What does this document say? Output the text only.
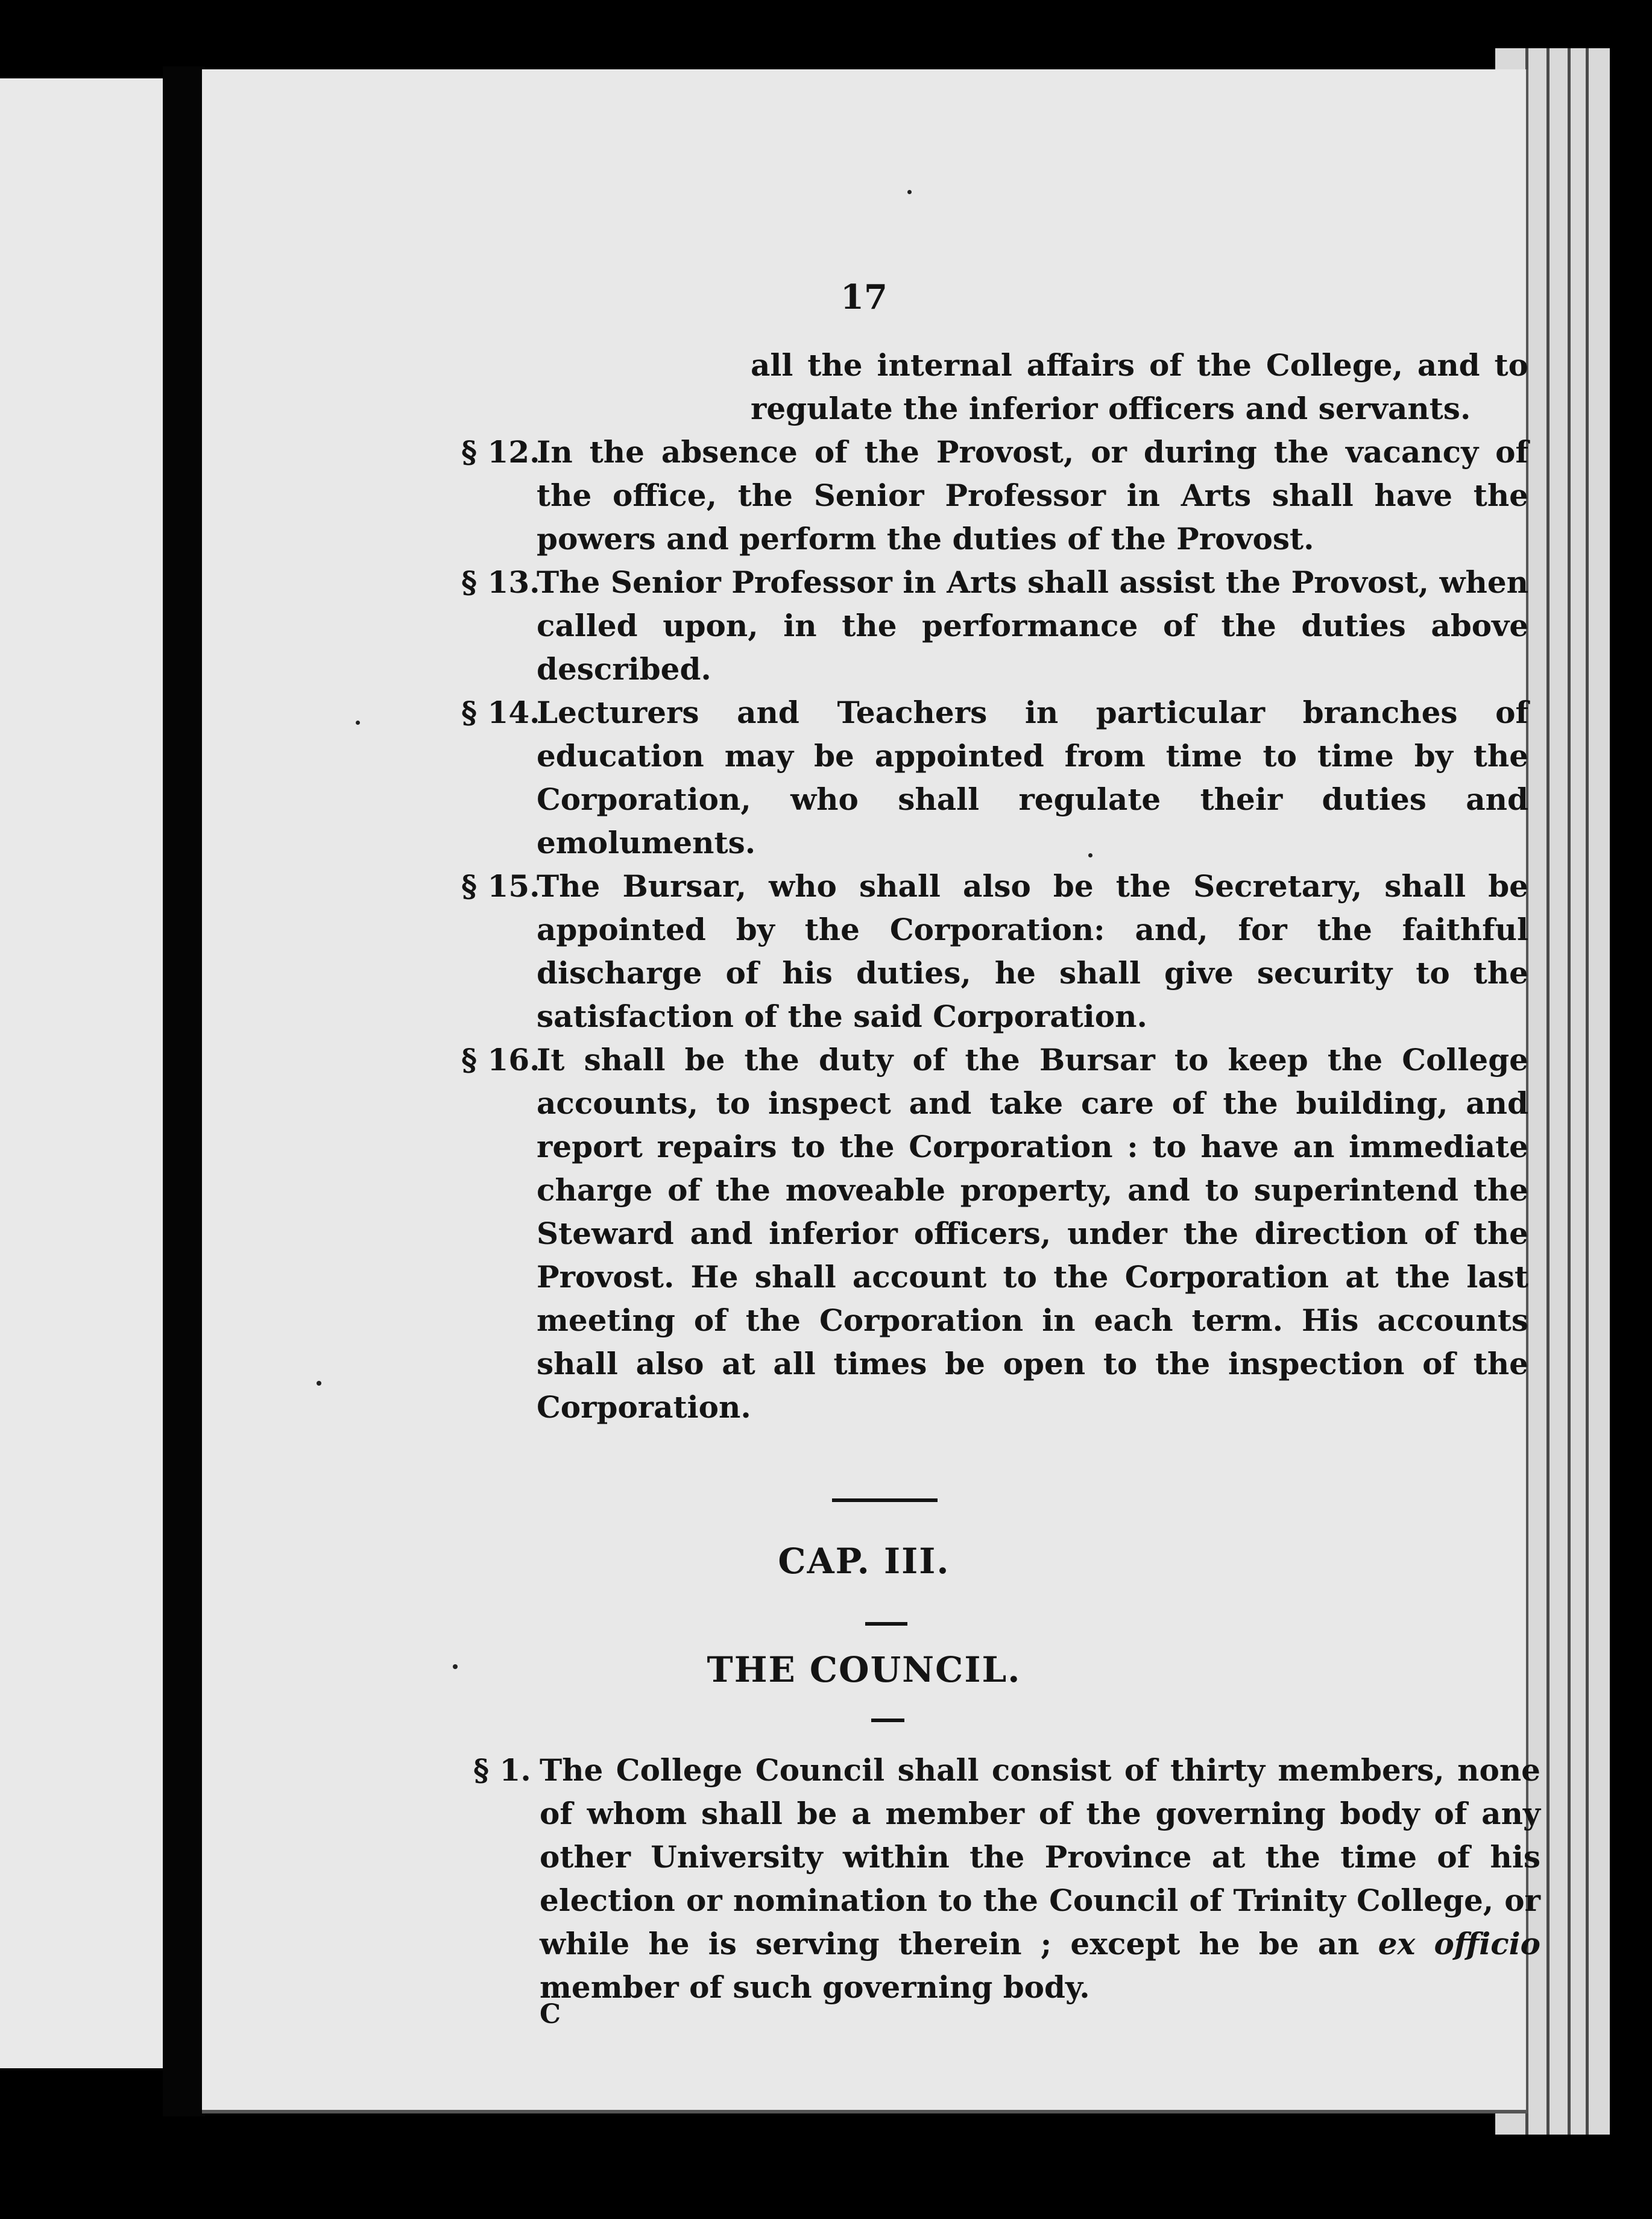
17
all the internal affairs of the College, and to regulate the inferior officers and servants.
§ 12.
In the absence of the Provost, or during the vacancy of the office, the Senior Professor in Arts shall have the powers and perform the duties of the Provost.
§ 13.
The Senior Professor in Arts shall assist the Provost, when called upon, in the performance of the duties above described.
§ 14.
Lecturers and Teachers in particular branches of education may be appointed from time to time by the Corporation, who shall regulate their duties and emoluments.
§ 15.
The Bursar, who shall also be the Secretary, shall be appointed by the Corporation: and, for the faithful discharge of his duties, he shall give security to the satisfaction of the said Corporation.
§ 16.
It shall be the duty of the Bursar to keep the College accounts, to inspect and take care of the building, and report repairs to the Corporation : to have an immediate charge of the moveable property, and to superintend the Steward and inferior officers, under the direction of the Provost. He shall account to the Corporation at the last meeting of the Corporation in each term. His accounts shall also at all times be open to the inspection of the Corporation.
CAP. III.
THE COUNCIL.
§ 1. The College Council shall consist of thirty members, none of whom shall be a member of the governing body of any other University within the Province at the time of his election or nomination to the Council of Trinity College, or while he is serving therein ; except he be an ex officio member of such governing body.
C
